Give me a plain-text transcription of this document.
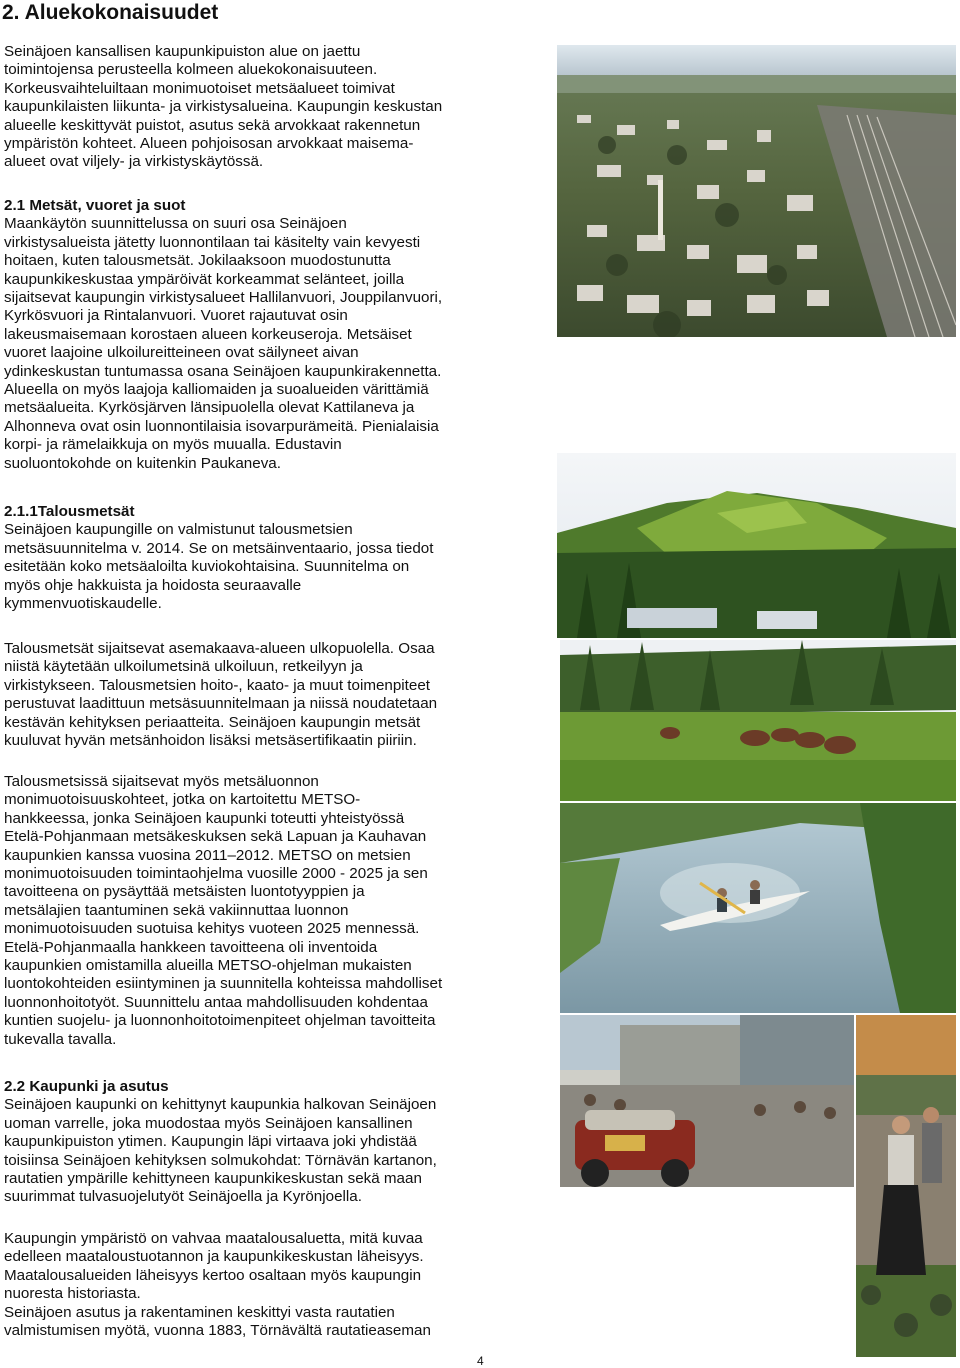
2. Aluekokonaisuudet

Seinäjoen kansallisen kaupunkipuiston alue on jaettu
toimintojensa perusteella kolmeen aluekokonaisuuteen.
Korkeusvaihteluiltaan monimuotoiset metsäalueet toimivat
kaupunkilaisten liikunta- ja virkistysalueina. Kaupungin keskustan
alueelle keskittyvät puistot, asutus sekä arvokkaat rakennetun
ympäristön kohteet. Alueen pohjoisosan arvokkaat maisema-
alueet ovat viljely- ja virkistyskäytössä.

2.1 Metsät, vuoret ja suot

Maankäytön suunnittelussa on suuri osa Seinäjoen
virkistysalueista jätetty luonnontilaan tai käsitelty vain kevyesti
hoitaen, kuten talousmetsät. Jokilaaksoon muodostunutta
kaupunkikeskustaa ympäröivät korkeammat selänteet, joilla
sijaitsevat kaupungin virkistysalueet Hallilanvuori, Jouppilanvuori,
Kyrkösvuori ja Rintalanvuori. Vuoret rajautuvat osin
lakeusmaisemaan korostaen alueen korkeuseroja. Metsäiset
vuoret laajoine ulkoilureitteineen ovat säilyneet aivan
ydinkeskustan tuntumassa osana Seinäjoen kaupunkirakennetta.
Alueella on myös laajoja kalliomaiden ja suoalueiden värittämiä
metsäalueita. Kyrkösjärven länsipuolella olevat Kattilaneva ja
Alhonneva ovat osin luonnontilaisia isovarpurämeitä. Pienialaisia
korpi- ja rämelaikkuja on myös muualla. Edustavin
suoluontokohde on kuitenkin Paukaneva.

2.1.1Talousmetsät

Seinäjoen kaupungille on valmistunut talousmetsien
metsäsuunnitelma v. 2014. Se on metsäinventaario, jossa tiedot
esitetään koko metsäaloilta kuviokohtaisina. Suunnitelma on
myös ohje hakkuista ja hoidosta seuraavalle
kymmenvuotiskaudelle.

Talousmetsät sijaitsevat asemakaava-alueen ulkopuolella. Osaa
niistä käytetään ulkoilumetsinä ulkoiluun, retkeilyyn ja
virkistykseen. Talousmetsien hoito-, kaato- ja muut toimenpiteet
perustuvat laadittuun metsäsuunnitelmaan ja niissä noudatetaan
kestävän kehityksen periaatteita. Seinäjoen kaupungin metsät
kuuluvat hyvän metsänhoidon lisäksi metsäsertifikaatin piiriin.

Talousmetsissä sijaitsevat myös metsäluonnon
monimuotoisuuskohteet, jotka on kartoitettu METSO-
hankkeessa, jonka Seinäjoen kaupunki toteutti yhteistyössä
Etelä-Pohjanmaan metsäkeskuksen sekä Lapuan ja Kauhavan
kaupunkien kanssa vuosina 2011–2012. METSO on metsien
monimuotoisuuden toimintaohjelma vuosille 2000 - 2025 ja sen
tavoitteena on pysäyttää metsäisten luontotyyppien ja
metsälajien taantuminen sekä vakiinnuttaa luonnon
monimuotoisuuden suotuisa kehitys vuoteen 2025 mennessä.
Etelä-Pohjanmaalla hankkeen tavoitteena oli inventoida
kaupunkien omistamilla alueilla METSO-ohjelman mukaisten
luontokohteiden esiintyminen ja suunnitella kohteissa mahdolliset
luonnonhoitotyöt. Suunnittelu antaa mahdollisuuden kohdentaa
kuntien suojelu- ja luonnonhoitotoimenpiteet ohjelman tavoitteita
tukevalla tavalla.

2.2 Kaupunki ja asutus

Seinäjoen kaupunki on kehittynyt kaupunkia halkovan Seinäjoen
uoman varrelle, joka muodostaa myös Seinäjoen kansallinen
kaupunkipuiston ytimen. Kaupungin läpi virtaava joki yhdistää
toisiinsa Seinäjoen kehityksen solmukohdat: Törnävän kartanon,
rautatien ympärille kehittyneen kaupunkikeskustan sekä maan
suurimmat tulvasuojelutyöt Seinäjoella ja Kyrönjoella.

Kaupungin ympäristö on vahvaa maatalousaluetta, mitä kuvaa
edelleen maataloustuotannon ja kaupunkikeskustan läheisyys.
Maatalousalueiden läheisyys kertoo osaltaan myös kaupungin
nuoresta historiasta.
Seinäjoen asutus ja rakentaminen keskittyi vasta rautatien
valmistumisen myötä, vuonna 1883, Törnävältä rautatieaseman

4
